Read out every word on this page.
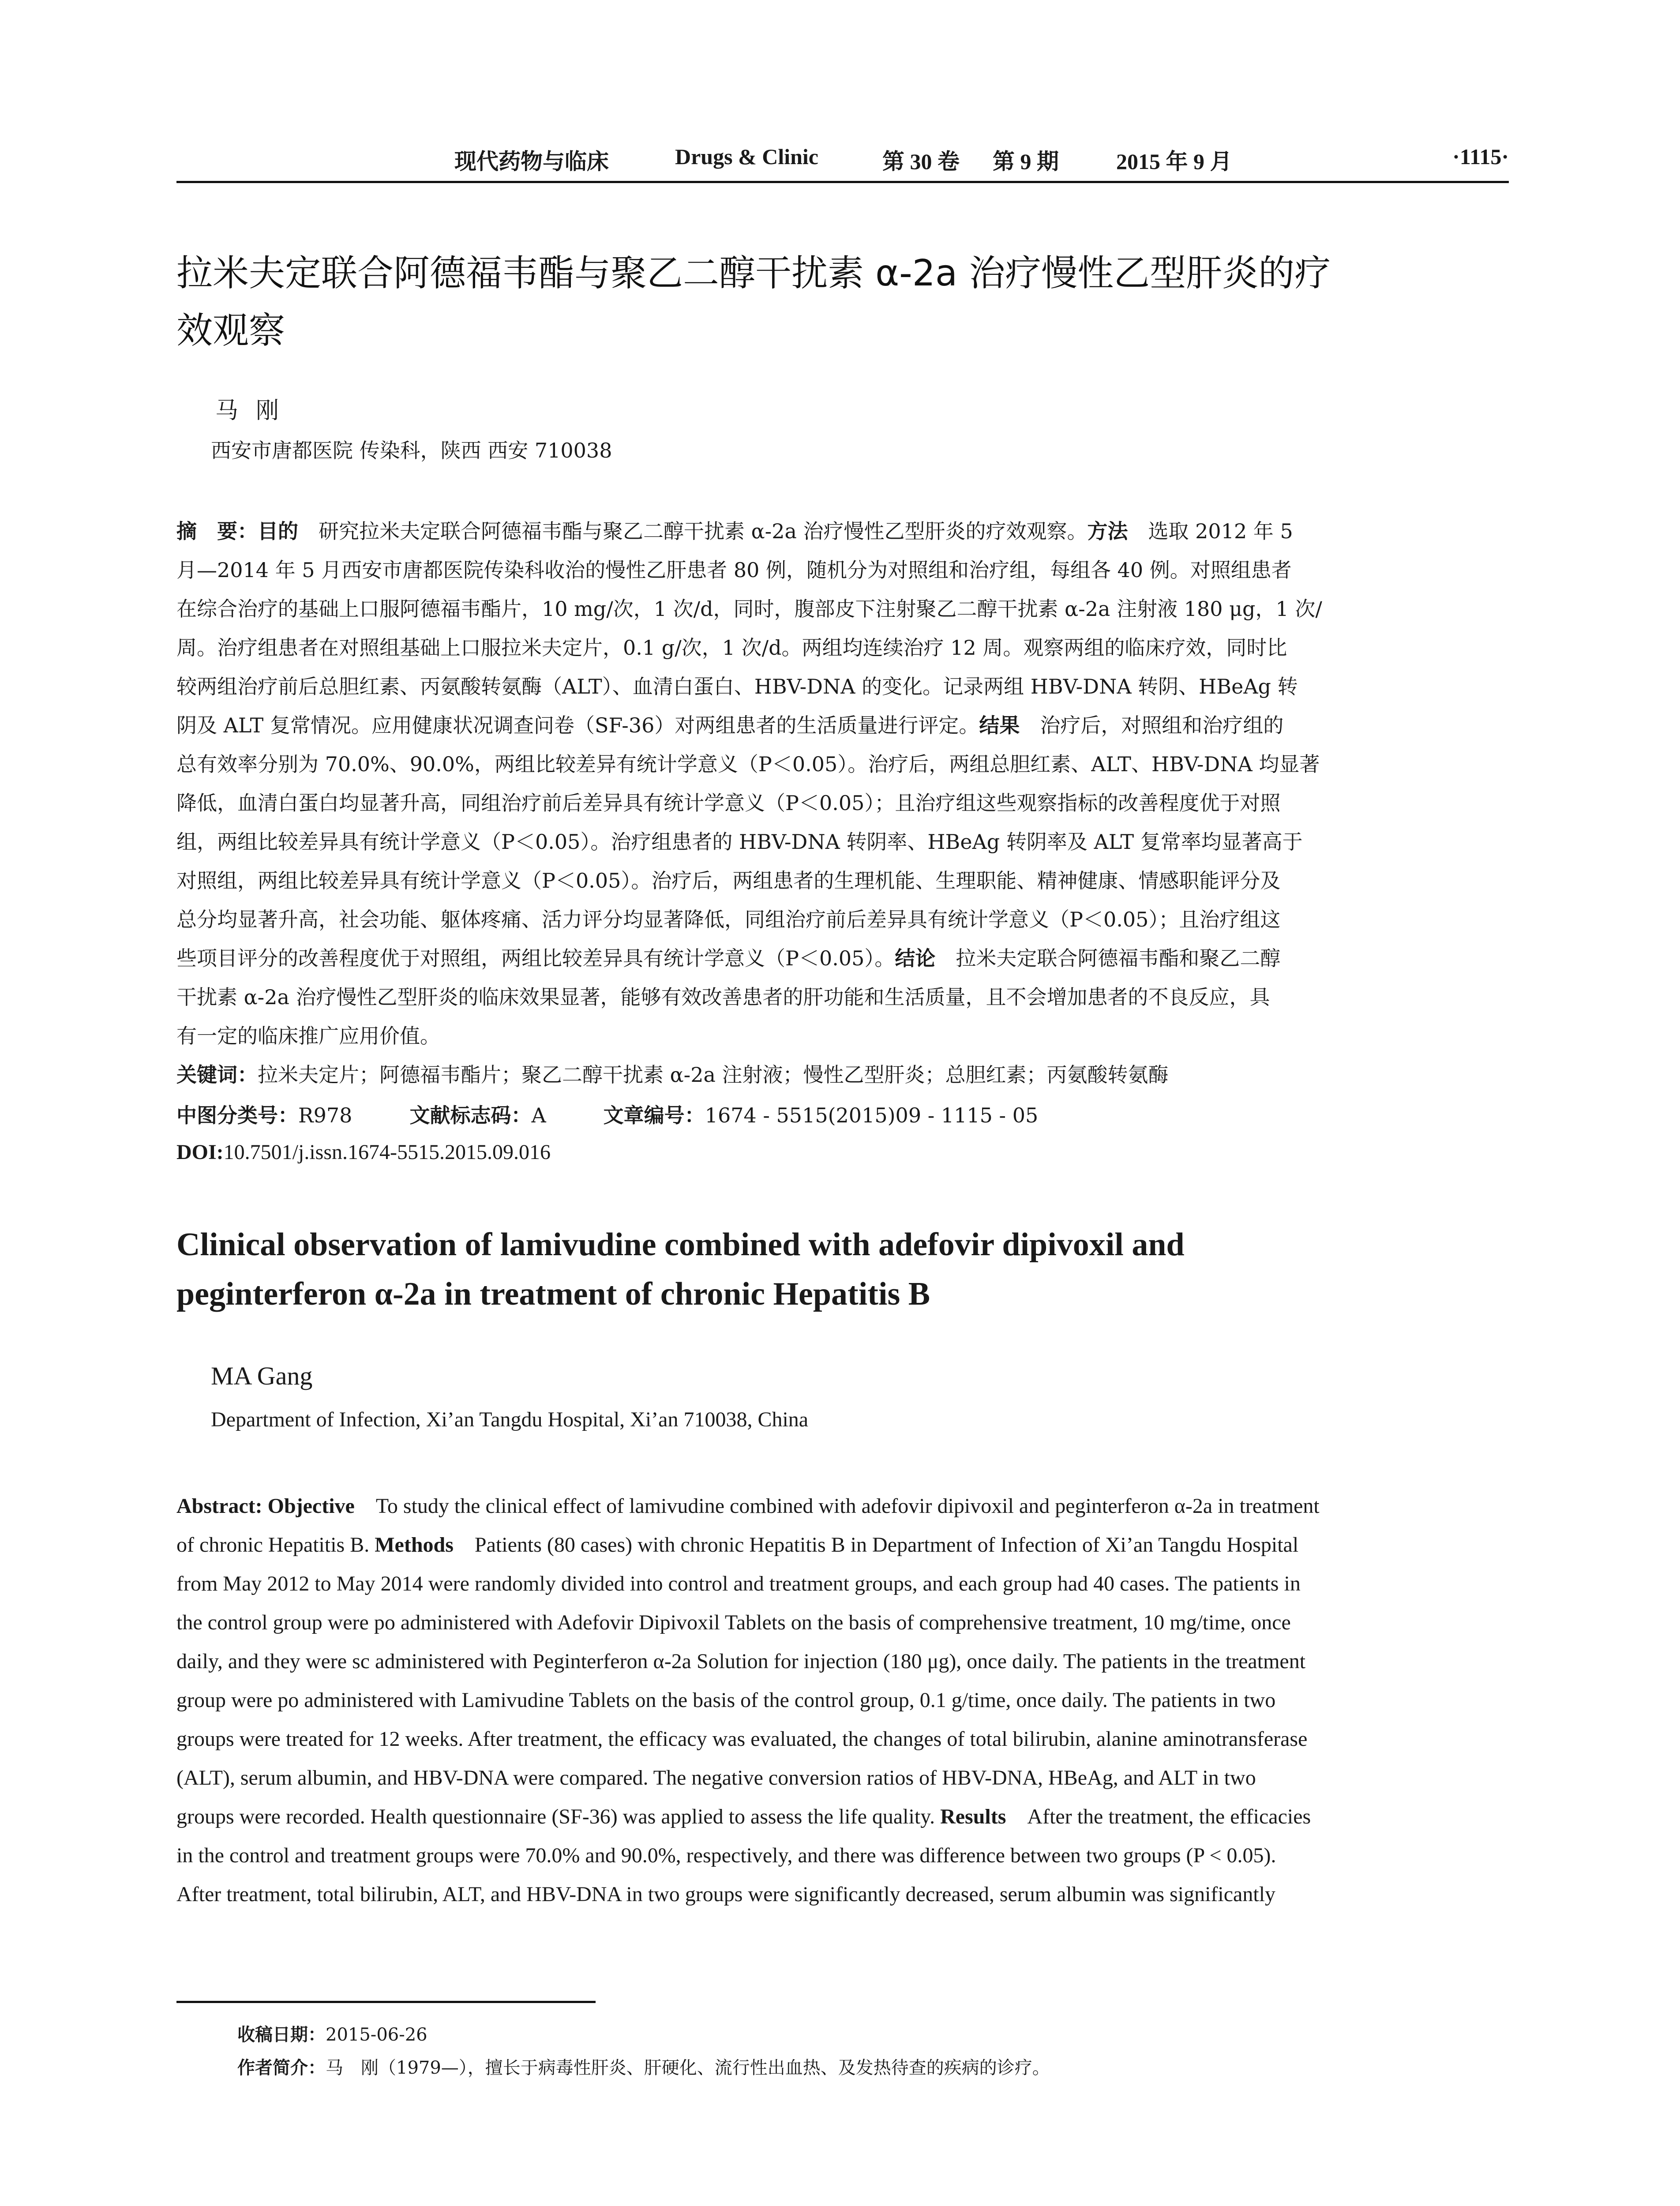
现代药物与临床	Drugs & Clinic	第 30 卷 第 9 期	2015 年 9 月	·1115·
拉米夫定联合阿德福韦酯与聚乙二醇干扰素 α-2a 治疗慢性乙型肝炎的疗
效观察
马刚
西安市唐都医院 传染科，陕西 西安 710038
摘　要：目的　研究拉米夫定联合阿德福韦酯与聚乙二醇干扰素 α-2a 治疗慢性乙型肝炎的疗效观察。方法　选取 2012 年 5
月—2014 年 5 月西安市唐都医院传染科收治的慢性乙肝患者 80 例，随机分为对照组和治疗组，每组各 40 例。对照组患者
在综合治疗的基础上口服阿德福韦酯片，10 mg/次，1 次/d，同时，腹部皮下注射聚乙二醇干扰素 α-2a 注射液 180 μg，1 次/
周。治疗组患者在对照组基础上口服拉米夫定片，0.1 g/次，1 次/d。两组均连续治疗 12 周。观察两组的临床疗效，同时比
较两组治疗前后总胆红素、丙氨酸转氨酶（ALT）、血清白蛋白、HBV-DNA 的变化。记录两组 HBV-DNA 转阴、HBeAg 转
阴及 ALT 复常情况。应用健康状况调查问卷（SF-36）对两组患者的生活质量进行评定。结果　治疗后，对照组和治疗组的
总有效率分别为 70.0%、90.0%，两组比较差异有统计学意义（P＜0.05）。治疗后，两组总胆红素、ALT、HBV-DNA 均显著
降低，血清白蛋白均显著升高，同组治疗前后差异具有统计学意义（P＜0.05）；且治疗组这些观察指标的改善程度优于对照
组，两组比较差异具有统计学意义（P＜0.05）。治疗组患者的 HBV-DNA 转阴率、HBeAg 转阴率及 ALT 复常率均显著高于
对照组，两组比较差异具有统计学意义（P＜0.05）。治疗后，两组患者的生理机能、生理职能、精神健康、情感职能评分及
总分均显著升高，社会功能、躯体疼痛、活力评分均显著降低，同组治疗前后差异具有统计学意义（P＜0.05）；且治疗组这
些项目评分的改善程度优于对照组，两组比较差异具有统计学意义（P＜0.05）。结论　拉米夫定联合阿德福韦酯和聚乙二醇
干扰素 α-2a 治疗慢性乙型肝炎的临床效果显著，能够有效改善患者的肝功能和生活质量，且不会增加患者的不良反应，具
有一定的临床推广应用价值。
关键词：拉米夫定片；阿德福韦酯片；聚乙二醇干扰素 α-2a 注射液；慢性乙型肝炎；总胆红素；丙氨酸转氨酶
中图分类号：R978	文献标志码：A	文章编号：1674 - 5515(2015)09 - 1115 - 05
DOI:10.7501/j.issn.1674-5515.2015.09.016
Clinical observation of lamivudine combined with adefovir dipivoxil and
peginterferon α-2a in treatment of chronic Hepatitis B
MA Gang
Department of Infection, Xi’an Tangdu Hospital, Xi’an 710038, China
Abstract: Objective　To study the clinical effect of lamivudine combined with adefovir dipivoxil and peginterferon α-2a in treatment
of chronic Hepatitis B. Methods　Patients (80 cases) with chronic Hepatitis B in Department of Infection of Xi’an Tangdu Hospital
from May 2012 to May 2014 were randomly divided into control and treatment groups, and each group had 40 cases. The patients in
the control group were po administered with Adefovir Dipivoxil Tablets on the basis of comprehensive treatment, 10 mg/time, once
daily, and they were sc administered with Peginterferon α-2a Solution for injection (180 μg), once daily. The patients in the treatment
group were po administered with Lamivudine Tablets on the basis of the control group, 0.1 g/time, once daily. The patients in two
groups were treated for 12 weeks. After treatment, the efficacy was evaluated, the changes of total bilirubin, alanine aminotransferase
(ALT), serum albumin, and HBV-DNA were compared. The negative conversion ratios of HBV-DNA, HBeAg, and ALT in two
groups were recorded. Health questionnaire (SF-36) was applied to assess the life quality. Results　After the treatment, the efficacies
in the control and treatment groups were 70.0% and 90.0%, respectively, and there was difference between two groups (P < 0.05).
After treatment, total bilirubin, ALT, and HBV-DNA in two groups were significantly decreased, serum albumin was significantly
收稿日期：2015-06-26
作者简介：马　刚（1979—），擅长于病毒性肝炎、肝硬化、流行性出血热、及发热待查的疾病的诊疗。
